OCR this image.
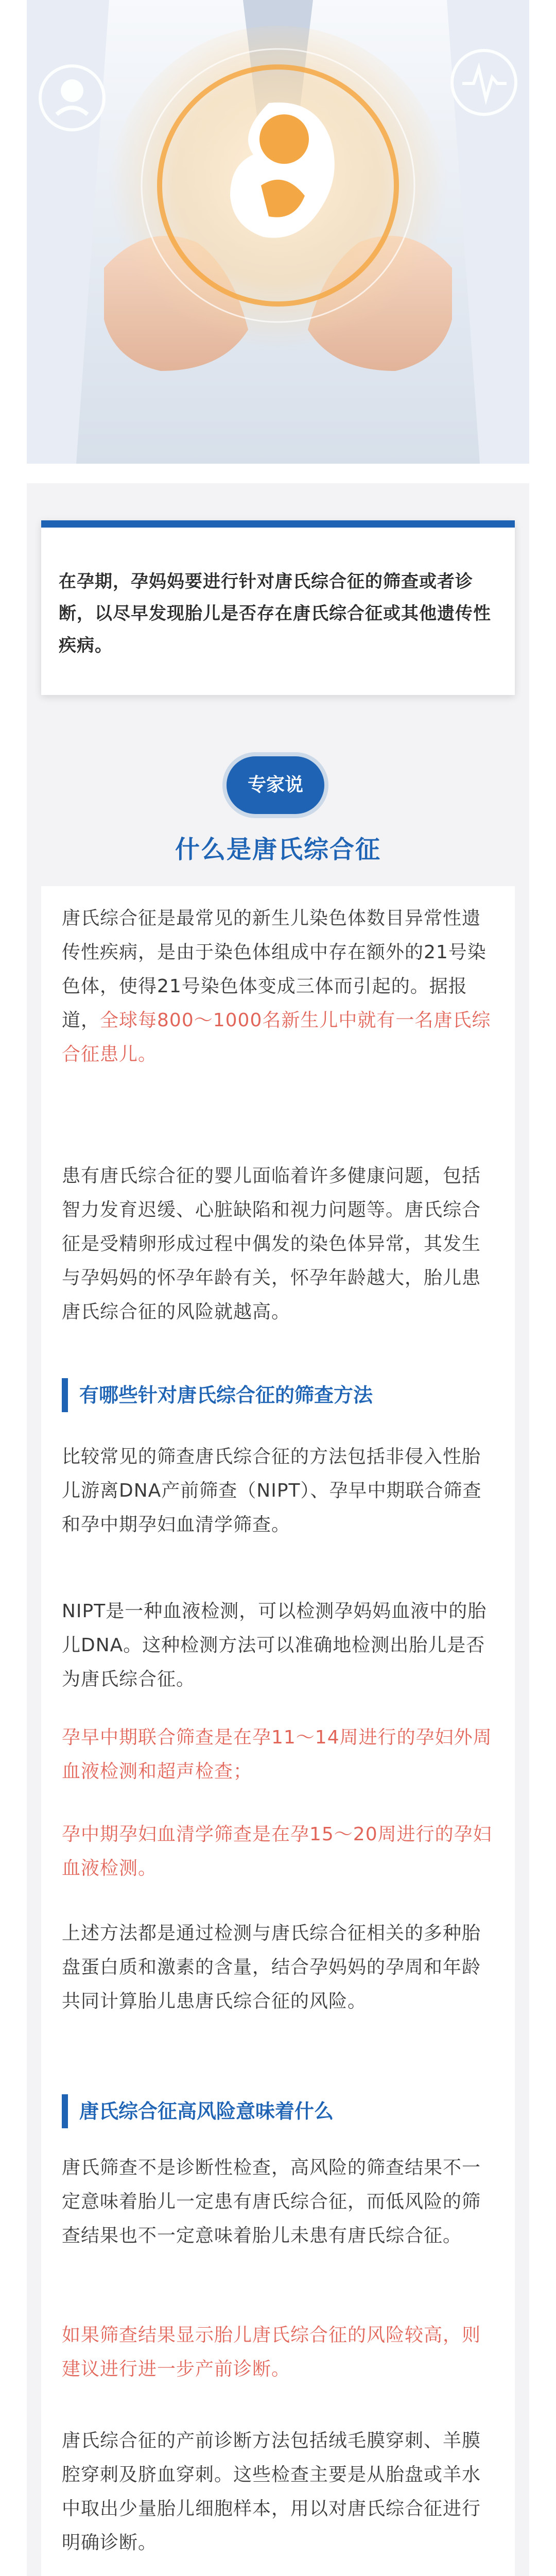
在孕期，孕妈妈要进行针对唐氏综合征的筛查或者诊断，以尽早发现胎儿是否存在唐氏综合征或其他遗传性疾病。

专家说
什么是唐氏综合征

唐氏综合征是最常见的新生儿染色体数目异常性遗传性疾病，是由于染色体组成中存在额外的21号染色体，使得21号染色体变成三体而引起的。据报道，全球每800～1000名新生儿中就有一名唐氏综合征患儿。

患有唐氏综合征的婴儿面临着许多健康问题，包括智力发育迟缓、心脏缺陷和视力问题等。唐氏综合征是受精卵形成过程中偶发的染色体异常，其发生与孕妈妈的怀孕年龄有关，怀孕年龄越大，胎儿患唐氏综合征的风险就越高。

有哪些针对唐氏综合征的筛查方法

比较常见的筛查唐氏综合征的方法包括非侵入性胎儿游离DNA产前筛查（NIPT）、孕早中期联合筛查和孕中期孕妇血清学筛查。

NIPT是一种血液检测，可以检测孕妈妈血液中的胎儿DNA。这种检测方法可以准确地检测出胎儿是否为唐氏综合征。

孕早中期联合筛查是在孕11～14周进行的孕妇外周血液检测和超声检查；

孕中期孕妇血清学筛查是在孕15～20周进行的孕妇血液检测。

上述方法都是通过检测与唐氏综合征相关的多种胎盘蛋白质和激素的含量，结合孕妈妈的孕周和年龄共同计算胎儿患唐氏综合征的风险。

唐氏综合征高风险意味着什么

唐氏筛查不是诊断性检查，高风险的筛查结果不一定意味着胎儿一定患有唐氏综合征，而低风险的筛查结果也不一定意味着胎儿未患有唐氏综合征。

如果筛查结果显示胎儿唐氏综合征的风险较高，则建议进行进一步产前诊断。

唐氏综合征的产前诊断方法包括绒毛膜穿刺、羊膜腔穿刺及脐血穿刺。这些检查主要是从胎盘或羊水中取出少量胎儿细胞样本，用以对唐氏综合征进行明确诊断。
